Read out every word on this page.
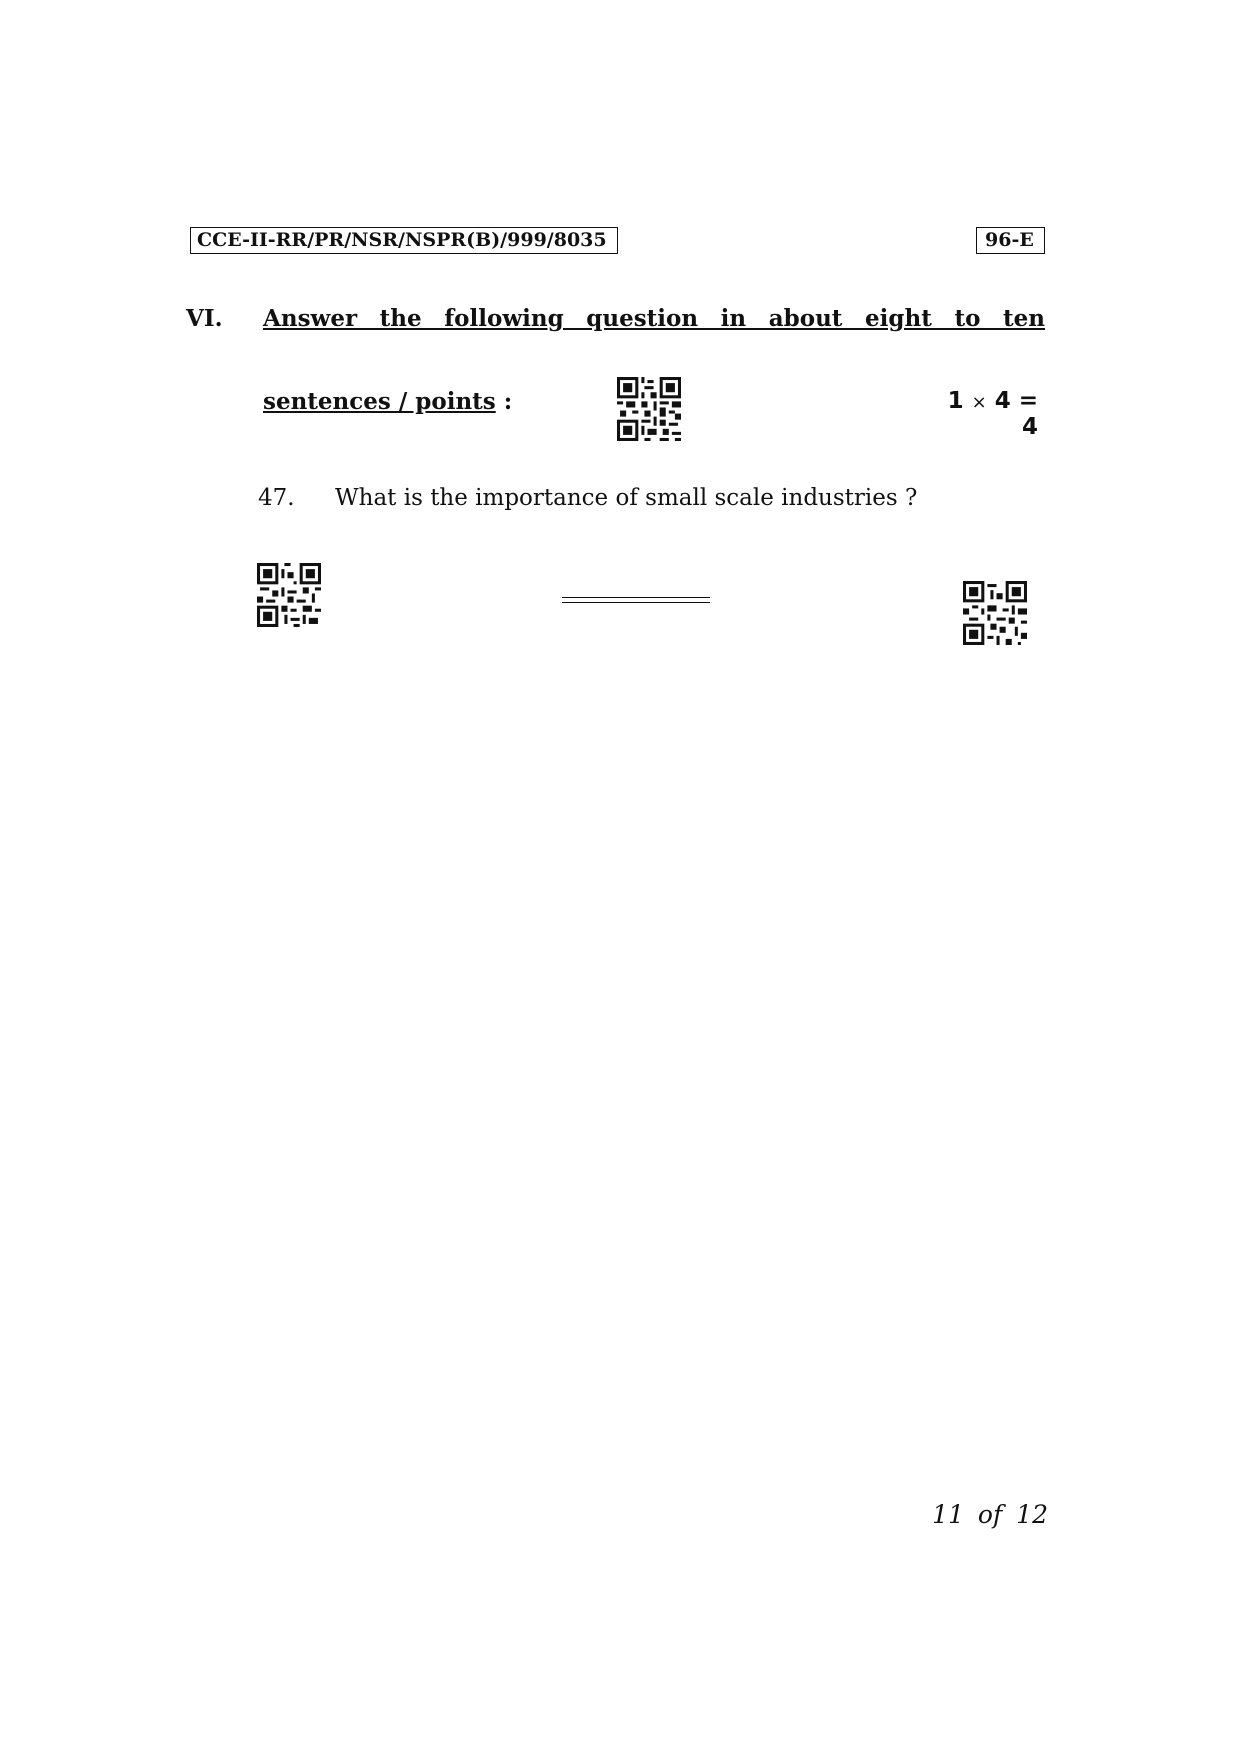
CCE-II-RR/PR/NSR/NSPR(B)/999/8035	96-E
VI. Answer the following question in about eight to ten
sentences / points :	1 × 4 = 4
47. What is the importance of small scale industries ?
11 of 12
